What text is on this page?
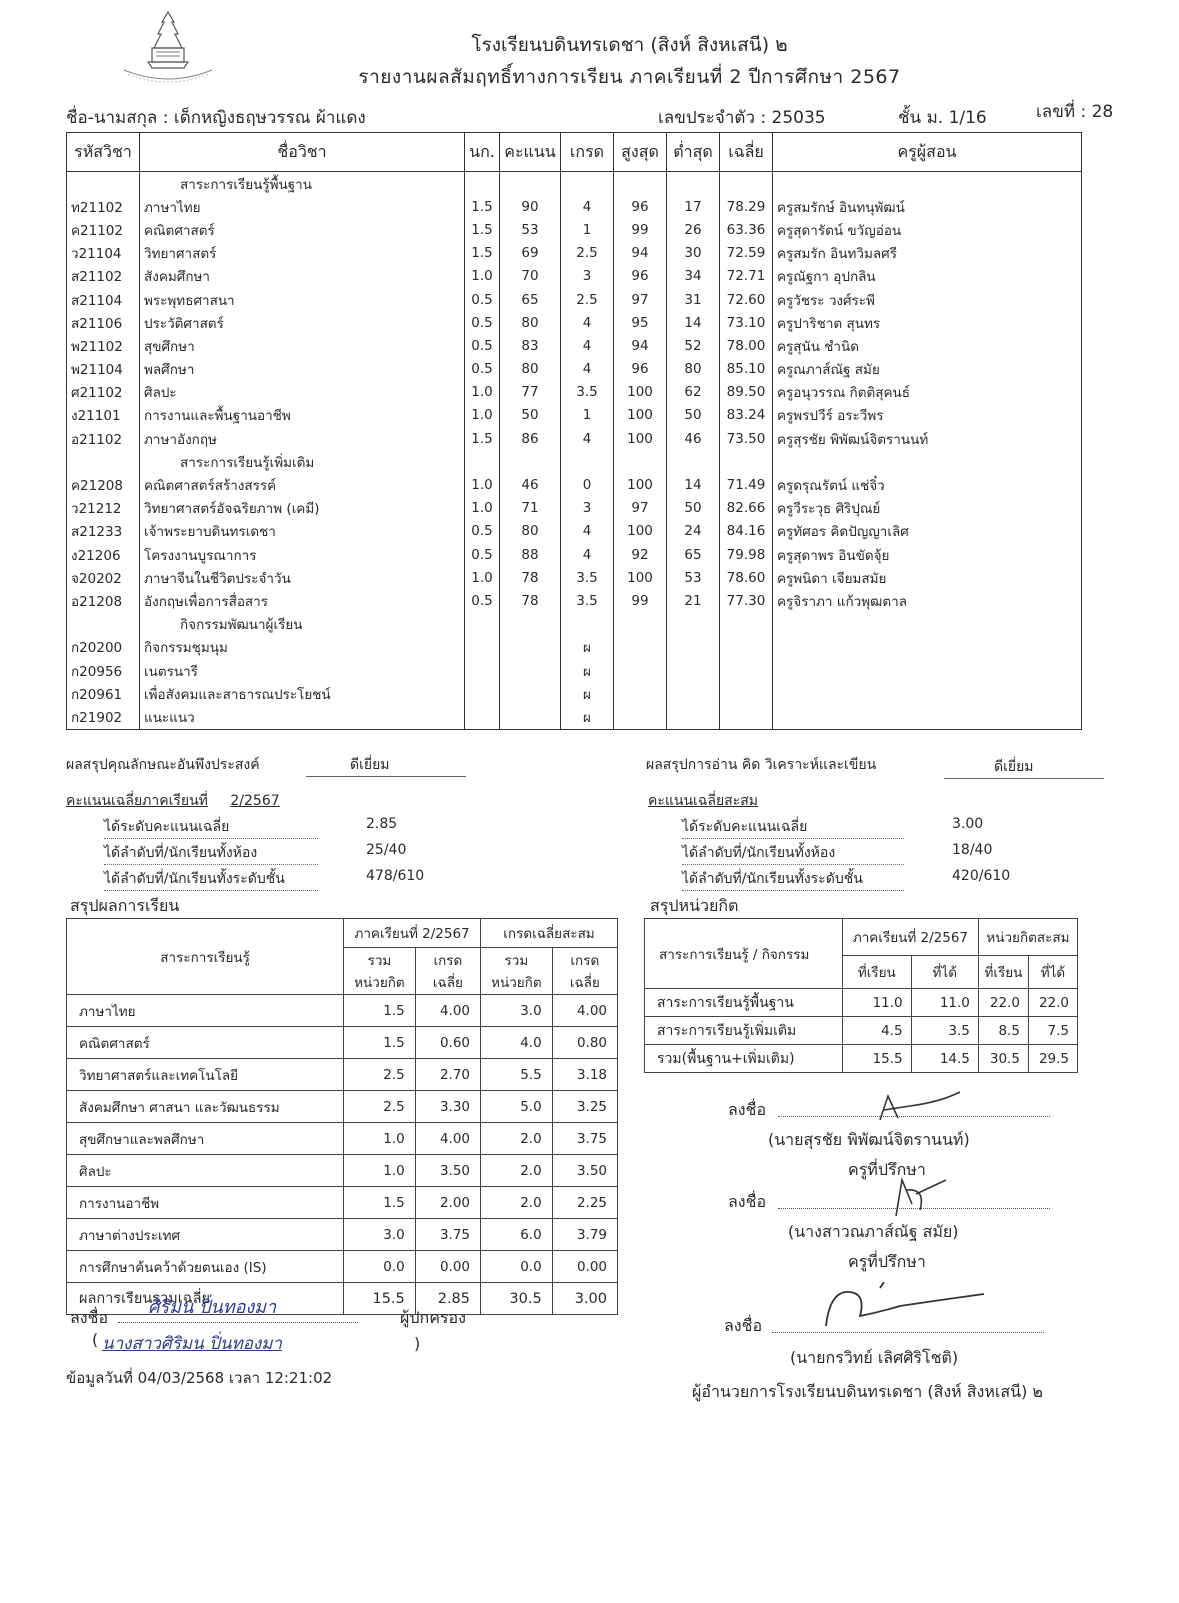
โรงเรียนบดินทรเดชา (สิงห์ สิงหเสนี) ๒
รายงานผลสัมฤทธิ์ทางการเรียน ภาคเรียนที่ 2 ปีการศึกษา 2567
ชื่อ-นามสกุล : เด็กหญิงธฤษวรรณ ผ้าแดง	เลขประจำตัว : 25035	ชั้น ม. 1/16	เลขที่ : 28
รหัสวิชา	ชื่อวิชา	นก.	คะแนน	เกรด	สูงสุด	ต่ำสุด	เฉลี่ย	ครูผู้สอน
	สาระการเรียนรู้พื้นฐาน							
ท21102	ภาษาไทย	1.5	90	4	96	17	78.29	ครูสมรักษ์ อินทนุพัฒน์
ค21102	คณิตศาสตร์	1.5	53	1	99	26	63.36	ครูสุดารัตน์ ขวัญอ่อน
ว21104	วิทยาศาสตร์	1.5	69	2.5	94	30	72.59	ครูสมรัก อินทวิมลศรี
ส21102	สังคมศึกษา	1.0	70	3	96	34	72.71	ครูณัฐกา อุปกลิน
ส21104	พระพุทธศาสนา	0.5	65	2.5	97	31	72.60	ครูวัชระ วงศ์ระพี
ส21106	ประวัติศาสตร์	0.5	80	4	95	14	73.10	ครูปาริชาต สุนทร
พ21102	สุขศึกษา	0.5	83	4	94	52	78.00	ครูสุนัน ชำนิด
พ21104	พลศึกษา	0.5	80	4	96	80	85.10	ครูณภาส์ณัฐ สมัย
ศ21102	ศิลปะ	1.0	77	3.5	100	62	89.50	ครูอนุวรรณ กิตติสุคนธ์
ง21101	การงานและพื้นฐานอาชีพ	1.0	50	1	100	50	83.24	ครูพรปวีร์ อระวีพร
อ21102	ภาษาอังกฤษ	1.5	86	4	100	46	73.50	ครูสุรชัย พิพัฒน์จิตรานนท์
	สาระการเรียนรู้เพิ่มเติม							
ค21208	คณิตศาสตร์สร้างสรรค์	1.0	46	0	100	14	71.49	ครูดรุณรัตน์ แช่จิ๋ว
ว21212	วิทยาศาสตร์อัจฉริยภาพ (เคมี)	1.0	71	3	97	50	82.66	ครูวีระวุธ ศิริปุณย์
ส21233	เจ้าพระยาบดินทรเดชา	0.5	80	4	100	24	84.16	ครูทัศอร คิดปัญญาเลิศ
ง21206	โครงงานบูรณาการ	0.5	88	4	92	65	79.98	ครูสุดาพร อินขัดจุ้ย
จ20202	ภาษาจีนในชีวิตประจำวัน	1.0	78	3.5	100	53	78.60	ครูพนิดา เจียมสมัย
อ21208	อังกฤษเพื่อการสื่อสาร	0.5	78	3.5	99	21	77.30	ครูจิราภา แก้วพุฒตาล
	กิจกรรมพัฒนาผู้เรียน							
ก20200	กิจกรรมชุมนุม			ผ				
ก20956	เนตรนารี			ผ				
ก20961	เพื่อสังคมและสาธารณประโยชน์			ผ				
ก21902	แนะแนว			ผ				
ผลสรุปคุณลักษณะอันพึงประสงค์	ดีเยี่ยม	ผลสรุปการอ่าน คิด วิเคราะห์และเขียน	ดีเยี่ยม
คะแนนเฉลี่ยภาคเรียนที่ 2/2567	คะแนนเฉลี่ยสะสม
สรุปผลการเรียน
สาระการเรียนรู้	ภาคเรียนที่ 2/2567		เกรดเฉลี่ยสะสม	
	รวม หน่วยกิต	เกรด เฉลี่ย	รวม หน่วยกิต	เกรด เฉลี่ย
ภาษาไทย	1.5	4.00	3.0	4.00
คณิตศาสตร์	1.5	0.60	4.0	0.80
วิทยาศาสตร์และเทคโนโลยี	2.5	2.70	5.5	3.18
สังคมศึกษา ศาสนา และวัฒนธรรม	2.5	3.30	5.0	3.25
สุขศึกษาและพลศึกษา	1.0	4.00	2.0	3.75
ศิลปะ	1.0	3.50	2.0	3.50
การงานอาชีพ	1.5	2.00	2.0	2.25
ภาษาต่างประเทศ	3.0	3.75	6.0	3.79
การศึกษาค้นคว้าด้วยตนเอง (IS)	0.0	0.00	0.0	0.00
ผลการเรียนรวมเฉลี่ย	15.5	2.85	30.5	3.00
สรุปหน่วยกิต
สาระการเรียนรู้ / กิจกรรม	ภาคเรียนที่ 2/2567		หน่วยกิตสะสม	
	ที่เรียน	ที่ได้	ที่เรียน	ที่ได้
สาระการเรียนรู้พื้นฐาน	11.0	11.0	22.0	22.0
สาระการเรียนรู้เพิ่มเติม	4.5	3.5	8.5	7.5
รวม(พื้นฐาน+เพิ่มเติม)	15.5	14.5	30.5	29.5
ลงชื่อ
(นายสุรชัย พิพัฒน์จิตรานนท์)
ครูที่ปรึกษา
ลงชื่อ
(นางสาวณภาส์ณัฐ สมัย)
ครูที่ปรึกษา
ลงชื่อ
(นายกรวิทย์ เลิศศิริโชติ)
ผู้อำนวยการโรงเรียนบดินทรเดชา (สิงห์ สิงหเสนี) ๒
ลงชื่อ ศิริมน ปิ่นทองมา	ผู้ปกครอง
( นางสาวศิริมน ปิ่นทองมา	)
ข้อมูลวันที่ 04/03/2568 เวลา 12:21:02
ได้ระดับคะแนนเฉลี่ย	2.85
ได้ลำดับที่/นักเรียนทั้งห้อง	25/40
ได้ลำดับที่/นักเรียนทั้งระดับชั้น	478/610
ได้ระดับคะแนนเฉลี่ย	3.00
ได้ลำดับที่/นักเรียนทั้งห้อง	18/40
ได้ลำดับที่/นักเรียนทั้งระดับชั้น	420/610
